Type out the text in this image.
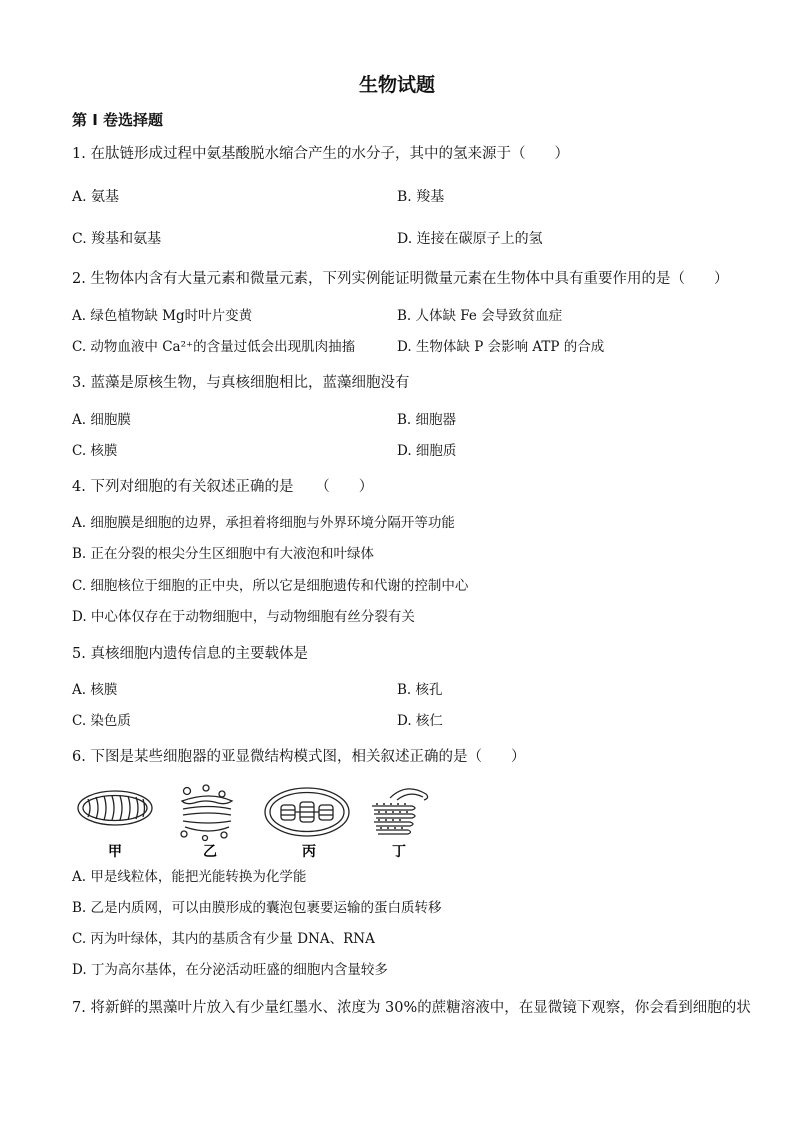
生物试题
第 I 卷选择题
1. 在肽链形成过程中氨基酸脱水缩合产生的水分子，其中的氢来源于（　　）
A. 氨基	B. 羧基
C. 羧基和氨基	D. 连接在碳原子上的氢
2. 生物体内含有大量元素和微量元素，下列实例能证明微量元素在生物体中具有重要作用的是（　　）
A. 绿色植物缺 Mg时叶片变黄	B. 人体缺 Fe 会导致贫血症
C. 动物血液中 Ca²⁺的含量过低会出现肌肉抽搐	D. 生物体缺 P 会影响 ATP 的合成
3. 蓝藻是原核生物，与真核细胞相比，蓝藻细胞没有
A. 细胞膜	B. 细胞器
C. 核膜	D. 细胞质
4. 下列对细胞的有关叙述正确的是　　（　　）
A. 细胞膜是细胞的边界，承担着将细胞与外界环境分隔开等功能
B. 正在分裂的根尖分生区细胞中有大液泡和叶绿体
C. 细胞核位于细胞的正中央，所以它是细胞遗传和代谢的控制中心
D. 中心体仅存在于动物细胞中，与动物细胞有丝分裂有关
5. 真核细胞内遗传信息的主要载体是
A. 核膜	B. 核孔
C. 染色质	D. 核仁
6. 下图是某些细胞器的亚显微结构模式图，相关叙述正确的是（　　）
甲	乙	丙	丁
A. 甲是线粒体，能把光能转换为化学能
B. 乙是内质网，可以由膜形成的囊泡包裹要运输的蛋白质转移
C. 丙为叶绿体，其内的基质含有少量 DNA、RNA
D. 丁为高尔基体，在分泌活动旺盛的细胞内含量较多
7. 将新鲜的黑藻叶片放入有少量红墨水、浓度为 30%的蔗糖溶液中，在显微镜下观察，你会看到细胞的状
